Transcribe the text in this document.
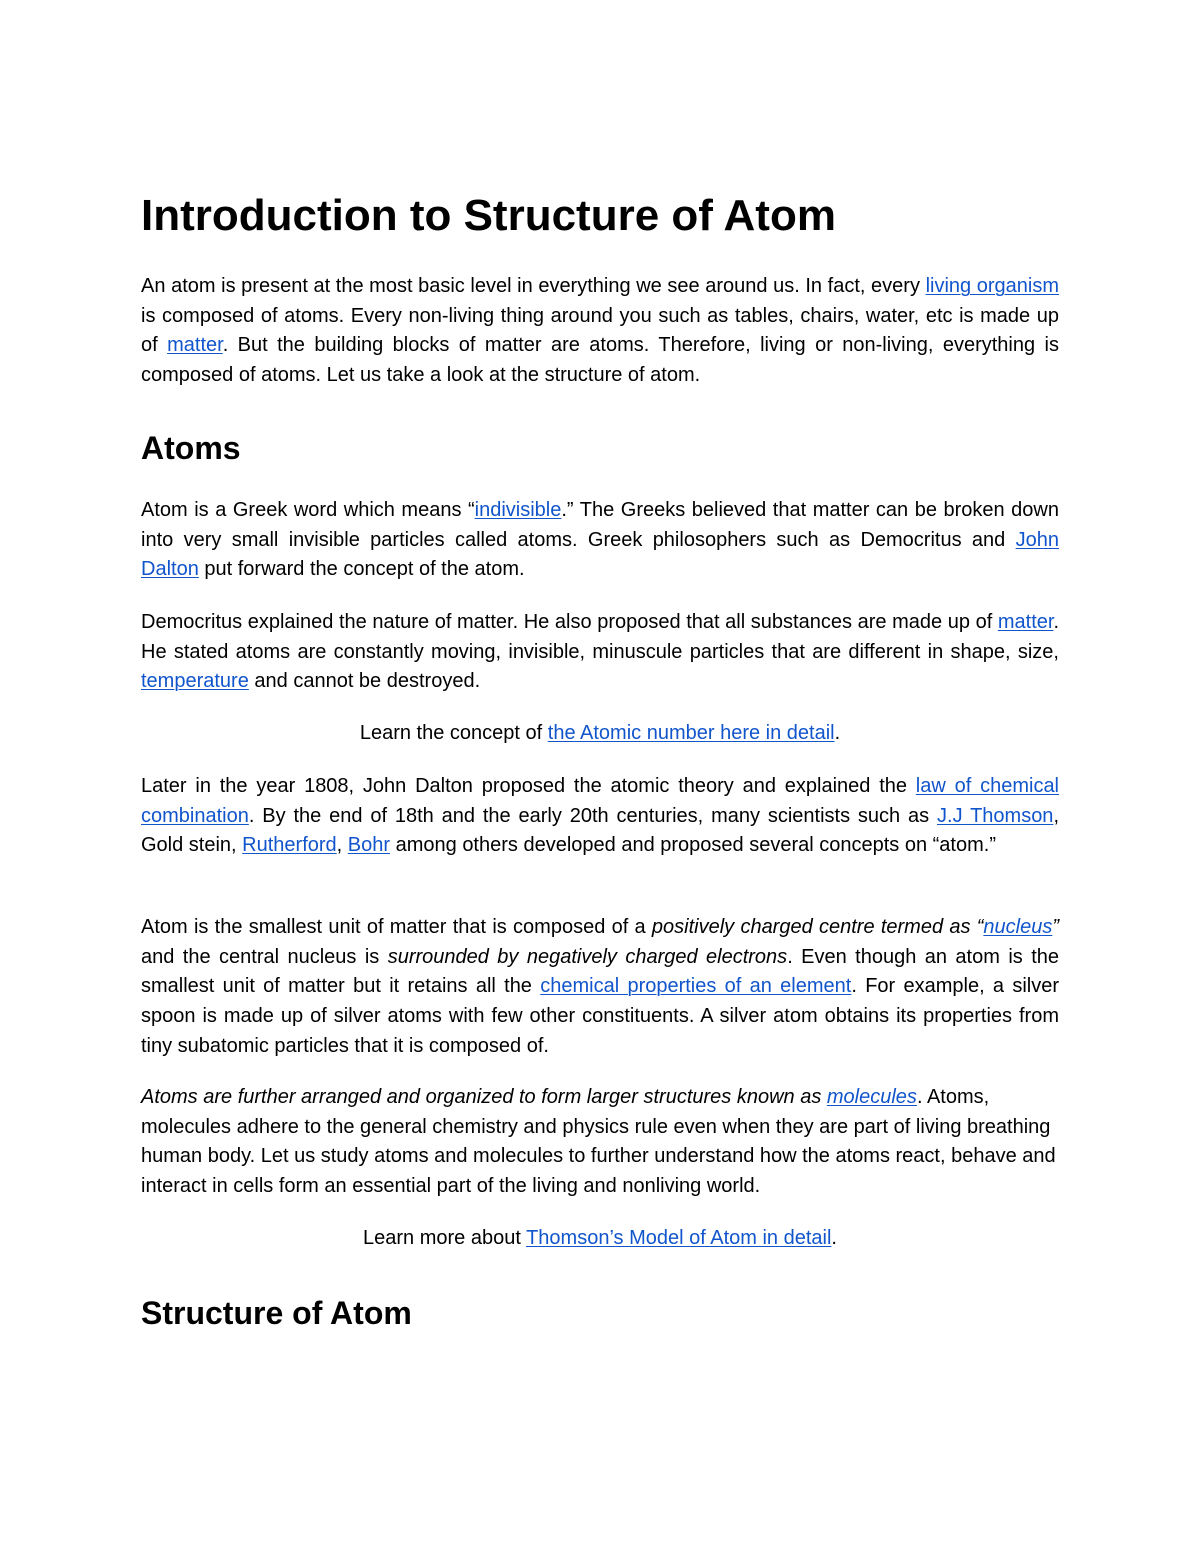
Introduction to Structure of Atom

An atom is present at the most basic level in everything we see around us. In fact, every living organism is composed of atoms. Every non-living thing around you such as tables, chairs, water, etc is made up of matter. But the building blocks of matter are atoms. Therefore, living or non-living, everything is composed of atoms. Let us take a look at the structure of atom.

Atoms

Atom is a Greek word which means “indivisible.” The Greeks believed that matter can be broken down into very small invisible particles called atoms. Greek philosophers such as Democritus and John Dalton put forward the concept of the atom.

Democritus explained the nature of matter. He also proposed that all substances are made up of matter. He stated atoms are constantly moving, invisible, minuscule particles that are different in shape, size, temperature and cannot be destroyed.

Learn the concept of the Atomic number here in detail.

Later in the year 1808, John Dalton proposed the atomic theory and explained the law of chemical combination. By the end of 18th and the early 20th centuries, many scientists such as J.J Thomson, Gold stein, Rutherford, Bohr among others developed and proposed several concepts on “atom.”

Atom is the smallest unit of matter that is composed of a positively charged centre termed as “nucleus” and the central nucleus is surrounded by negatively charged electrons. Even though an atom is the smallest unit of matter but it retains all the chemical properties of an element. For example, a silver spoon is made up of silver atoms with few other constituents. A silver atom obtains its properties from tiny subatomic particles that it is composed of.

Atoms are further arranged and organized to form larger structures known as molecules. Atoms, molecules adhere to the general chemistry and physics rule even when they are part of living breathing human body. Let us study atoms and molecules to further understand how the atoms react, behave and interact in cells form an essential part of the living and nonliving world.

Learn more about Thomson’s Model of Atom in detail.

Structure of Atom
